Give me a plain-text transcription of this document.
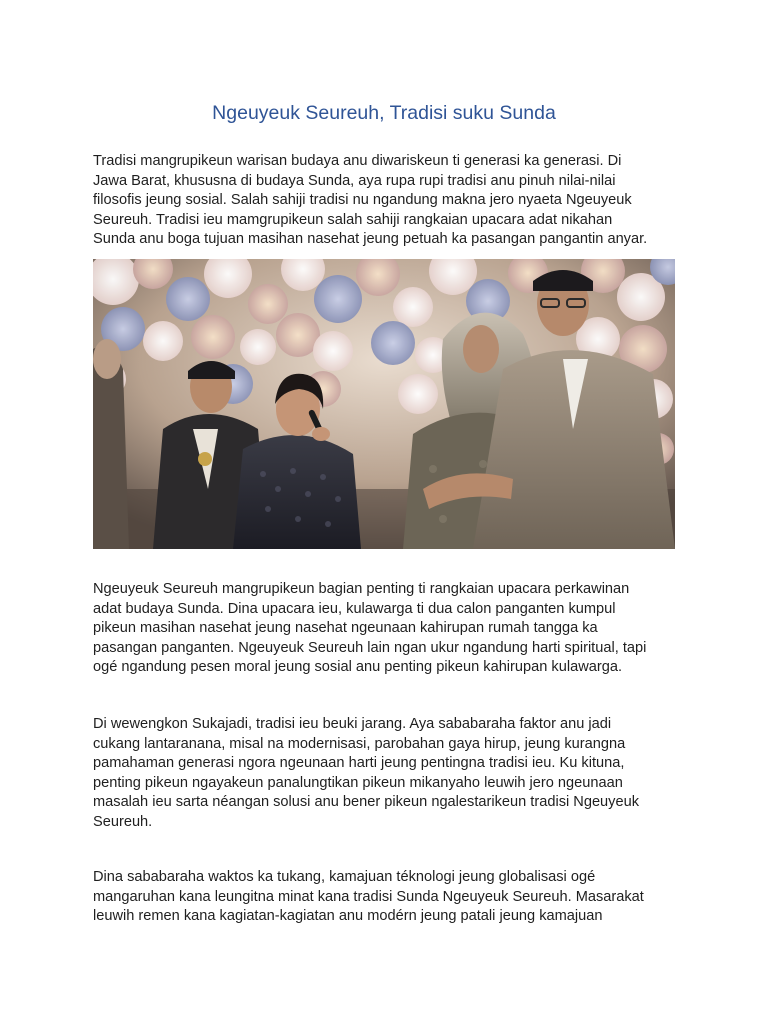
Ngeuyeuk Seureuh, Tradisi suku Sunda

Tradisi mangrupikeun warisan budaya anu diwariskeun ti generasi ka generasi. Di
Jawa Barat, khususna di budaya Sunda, aya rupa rupi tradisi anu pinuh nilai-nilai
filosofis jeung sosial. Salah sahiji tradisi nu ngandung makna jero nyaeta Ngeuyeuk
Seureuh. Tradisi ieu mamgrupikeun salah sahiji rangkaian upacara adat nikahan
Sunda anu boga tujuan masihan nasehat jeung petuah ka pasangan pangantin anyar.

Ngeuyeuk Seureuh mangrupikeun bagian penting ti rangkaian upacara perkawinan
adat budaya Sunda. Dina upacara ieu, kulawarga ti dua calon panganten kumpul
pikeun masihan nasehat jeung nasehat ngeunaan kahirupan rumah tangga ka
pasangan panganten. Ngeuyeuk Seureuh lain ngan ukur ngandung harti spiritual, tapi
ogé ngandung pesen moral jeung sosial anu penting pikeun kahirupan kulawarga.

Di wewengkon Sukajadi, tradisi ieu beuki jarang. Aya sababaraha faktor anu jadi
cukang lantaranana, misal na modernisasi, parobahan gaya hirup, jeung kurangna
pamahaman generasi ngora ngeunaan harti jeung pentingna tradisi ieu. Ku kituna,
penting pikeun ngayakeun panalungtikan pikeun mikanyaho leuwih jero ngeunaan
masalah ieu sarta néangan solusi anu bener pikeun ngalestarikeun tradisi Ngeuyeuk
Seureuh.

Dina sababaraha waktos ka tukang, kamajuan téknologi jeung globalisasi ogé
mangaruhan kana leungitna minat kana tradisi Sunda Ngeuyeuk Seureuh. Masarakat
leuwih remen kana kagiatan-kagiatan anu modérn jeung patali jeung kamajuan
